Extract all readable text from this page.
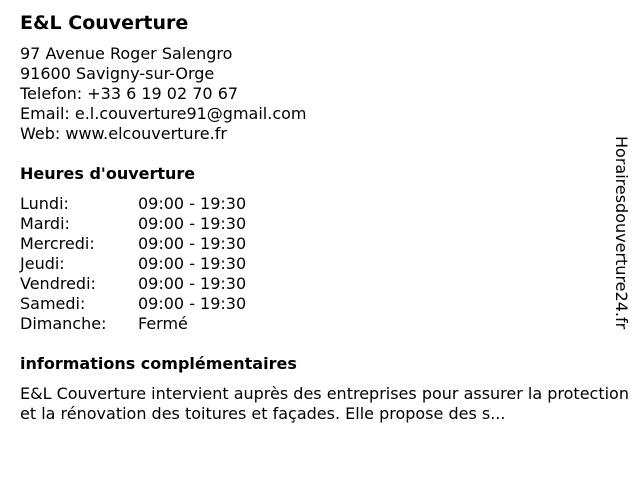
E&L Couverture
97 Avenue Roger Salengro
91600 Savigny-sur-Orge
Telefon: +33 6 19 02 70 67
Email: e.l.couverture91@gmail.com
Web: www.elcouverture.fr
Heures d'ouverture
Lundi:	09:00 - 19:30
Mardi:	09:00 - 19:30
Mercredi:	09:00 - 19:30
Jeudi:	09:00 - 19:30
Vendredi:	09:00 - 19:30
Samedi:	09:00 - 19:30
Dimanche:	Fermé
informations complémentaires

E&L Couverture intervient auprès des entreprises pour assurer la protection et la rénovation des toitures et façades. Elle propose des s...

Horairesdouverture24.fr
